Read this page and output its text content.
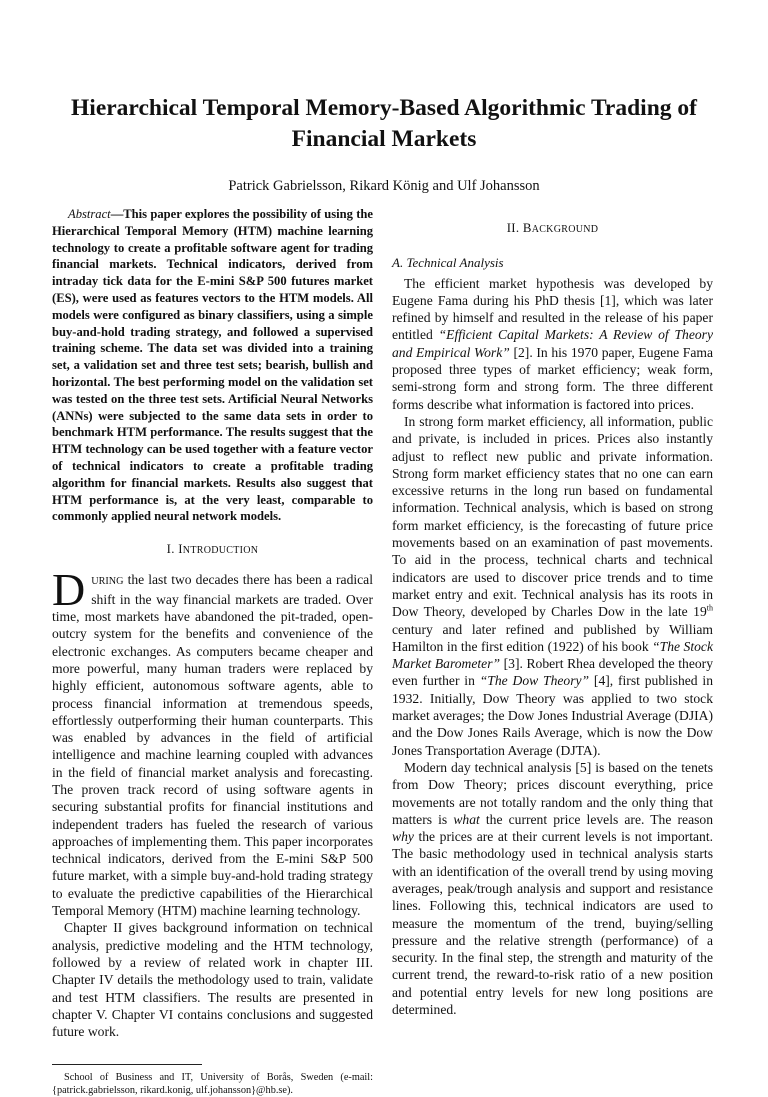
Hierarchical Temporal Memory-Based Algorithmic Trading of
Financial Markets
Patrick Gabrielsson, Rikard König and Ulf Johansson

Abstract—This paper explores the possibility of using the Hierarchical Temporal Memory (HTM) machine learning technology to create a profitable software agent for trading financial markets. Technical indicators, derived from intraday tick data for the E-mini S&P 500 futures market (ES), were used as features vectors to the HTM models. All models were configured as binary classifiers, using a simple buy-and-hold trading strategy, and followed a supervised training scheme. The data set was divided into a training set, a validation set and three test sets; bearish, bullish and horizontal. The best performing model on the validation set was tested on the three test sets. Artificial Neural Networks (ANNs) were subjected to the same data sets in order to benchmark HTM performance. The results suggest that the HTM technology can be used together with a feature vector of technical indicators to create a profitable trading algorithm for financial markets. Results also suggest that HTM performance is, at the very least, comparable to commonly applied neural network models.

I. INTRODUCTION

DURING the last two decades there has been a radical shift in the way financial markets are traded. Over time, most markets have abandoned the pit-traded, open-outcry system for the benefits and convenience of the electronic exchanges. As computers became cheaper and more powerful, many human traders were replaced by highly efficient, autonomous software agents, able to process financial information at tremendous speeds, effortlessly outperforming their human counterparts. This was enabled by advances in the field of artificial intelligence and machine learning coupled with advances in the field of financial market analysis and forecasting. The proven track record of using software agents in securing substantial profits for financial institutions and independent traders has fueled the research of various approaches of implementing them. This paper incorporates technical indicators, derived from the E-mini S&P 500 future market, with a simple buy-and-hold trading strategy to evaluate the predictive capabilities of the Hierarchical Temporal Memory (HTM) machine learning technology.

Chapter II gives background information on technical analysis, predictive modeling and the HTM technology, followed by a review of related work in chapter III. Chapter IV details the methodology used to train, validate and test HTM classifiers. The results are presented in chapter V. Chapter VI contains conclusions and suggested future work.

School of Business and IT, University of Borås, Sweden (e-mail: {patrick.gabrielsson, rikard.konig, ulf.johansson}@hb.se).

II. BACKGROUND
A. Technical Analysis

The efficient market hypothesis was developed by Eugene Fama during his PhD thesis [1], which was later refined by himself and resulted in the release of his paper entitled “Efficient Capital Markets: A Review of Theory and Empirical Work” [2]. In his 1970 paper, Eugene Fama proposed three types of market efficiency; weak form, semi-strong form and strong form. The three different forms describe what information is factored into prices.

In strong form market efficiency, all information, public and private, is included in prices. Prices also instantly adjust to reflect new public and private information. Strong form market efficiency states that no one can earn excessive returns in the long run based on fundamental information. Technical analysis, which is based on strong form market efficiency, is the forecasting of future price movements based on an examination of past movements. To aid in the process, technical charts and technical indicators are used to discover price trends and to time market entry and exit. Technical analysis has its roots in Dow Theory, developed by Charles Dow in the late 19th century and later refined and published by William Hamilton in the first edition (1922) of his book “The Stock Market Barometer” [3]. Robert Rhea developed the theory even further in “The Dow Theory” [4], first published in 1932. Initially, Dow Theory was applied to two stock market averages; the Dow Jones Industrial Average (DJIA) and the Dow Jones Rails Average, which is now the Dow Jones Transportation Average (DJTA).

Modern day technical analysis [5] is based on the tenets from Dow Theory; prices discount everything, price movements are not totally random and the only thing that matters is what the current price levels are. The reason why the prices are at their current levels is not important. The basic methodology used in technical analysis starts with an identification of the overall trend by using moving averages, peak/trough analysis and support and resistance lines. Following this, technical indicators are used to measure the momentum of the trend, buying/selling pressure and the relative strength (performance) of a security. In the final step, the strength and maturity of the current trend, the reward-to-risk ratio of a new position and potential entry levels for new long positions are determined.
